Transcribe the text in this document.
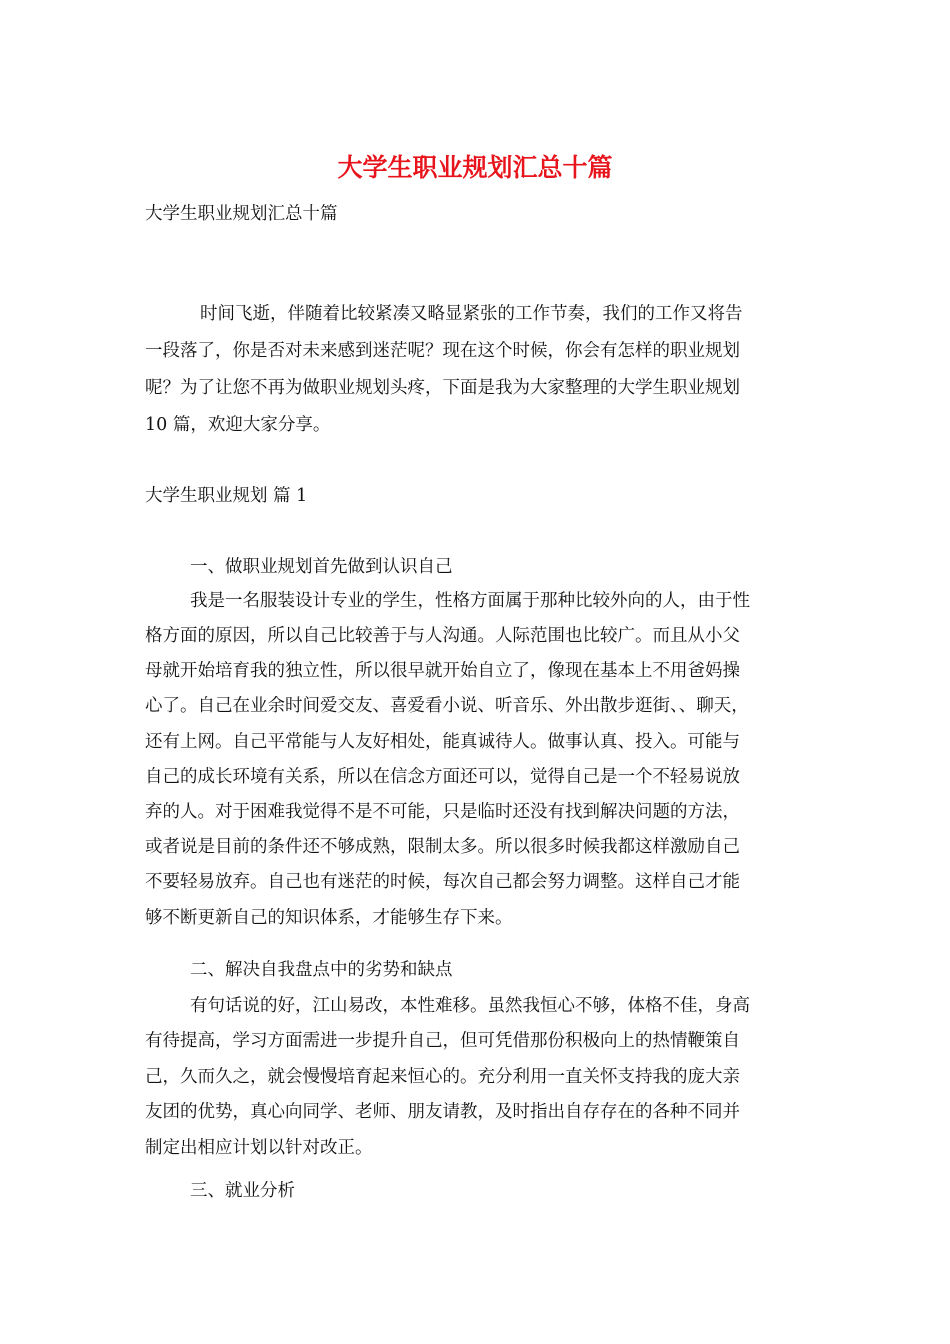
大学生职业规划汇总十篇
大学生职业规划汇总十篇
时间飞逝，伴随着比较紧凑又略显紧张的工作节奏，我们的工作又将告
一段落了，你是否对未来感到迷茫呢？现在这个时候，你会有怎样的职业规划
呢？为了让您不再为做职业规划头疼，下面是我为大家整理的大学生职业规划
10 篇，欢迎大家分享。
大学生职业规划 篇 1
一、做职业规划首先做到认识自己
我是一名服装设计专业的学生，性格方面属于那种比较外向的人，由于性
格方面的原因，所以自己比较善于与人沟通。人际范围也比较广。而且从小父
母就开始培育我的独立性，所以很早就开始自立了，像现在基本上不用爸妈操
心了。自己在业余时间爱交友、喜爱看小说、听音乐、外出散步逛街、、聊天，
还有上网。自己平常能与人友好相处，能真诚待人。做事认真、投入。可能与
自己的成长环境有关系，所以在信念方面还可以，觉得自己是一个不轻易说放
弃的人。对于困难我觉得不是不可能，只是临时还没有找到解决问题的方法，
或者说是目前的条件还不够成熟，限制太多。所以很多时候我都这样激励自己
不要轻易放弃。自己也有迷茫的时候，每次自己都会努力调整。这样自己才能
够不断更新自己的知识体系，才能够生存下来。
二、解决自我盘点中的劣势和缺点
有句话说的好，江山易改，本性难移。虽然我恒心不够，体格不佳，身高
有待提高，学习方面需进一步提升自己，但可凭借那份积极向上的热情鞭策自
己，久而久之，就会慢慢培育起来恒心的。充分利用一直关怀支持我的庞大亲
友团的优势，真心向同学、老师、朋友请教，及时指出自存存在的各种不同并
制定出相应计划以针对改正。
三、就业分析
